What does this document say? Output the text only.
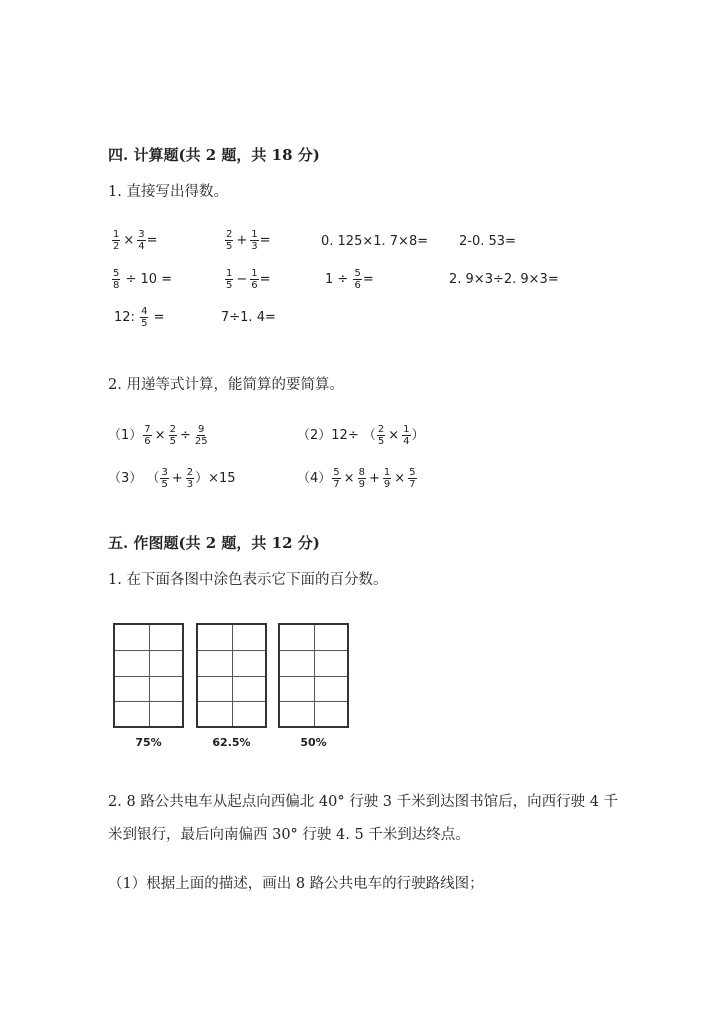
四. 计算题(共 2 题，共 18 分)
1. 直接写出得数。
$\frac{1}{2} \times \frac{3}{4}$ =	$\frac{2}{5} + \frac{1}{3}$ =	0. 125×1. 7×8= 2-0. 53=
$\frac{5}{8} \div 10$ =	$\frac{1}{5} - \frac{1}{6}$ =	$1 \div \frac{5}{6}$ =	2. 9×3÷2. 9×3=
12: $\frac{4}{5}$ =	7÷1. 4=
2. 用递等式计算，能简算的要简算。
$(1) \frac{7}{6} \times \frac{2}{5} \div \frac{9}{25}$	（2）12÷ （ $\frac{2}{5} \times \frac{1}{4}$ ）
（3） （ $\frac{3}{5} + \frac{2}{3} )\times 15$	$(4) \frac{5}{7} \times \frac{8}{9} + \frac{1}{9} \times \frac{5}{7}$
五. 作图题(共 2 题，共 12 分)
1. 在下面各图中涂色表示它下面的百分数。
75%	62.5%	50%
2. 8 路公共电车从起点向西偏北 40° 行驶 3 千米到达图书馆后，向西行驶 4 千
米到银行，最后向南偏西 30° 行驶 4. 5 千米到达终点。
（1）根据上面的描述，画出 8 路公共电车的行驶路线图；
